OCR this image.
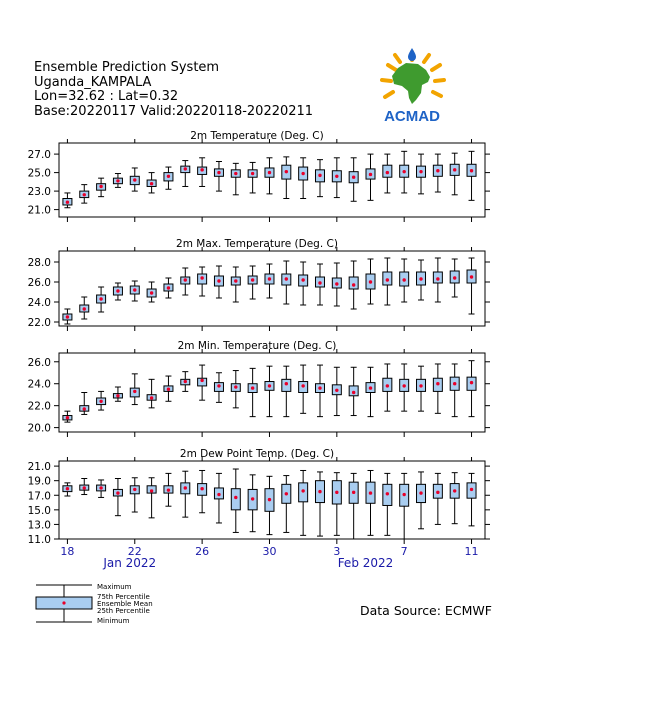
Ensemble Prediction System
Uganda_KAMPALA
Lon=32.62 : Lat=0.32
Base:20220117 Valid:20220118-20220211	ACMAD
2m Temperature (Deg. C)
27.0
25.0
23.0
21.0
2m Max. Temperature (Deg. C)
28.0
26.0
24.0
22.0
2m Min. Temperature (Deg. C)
26.0
24.0
22.0
20.0
2m Dew Point Temp. (Deg. C)
21.0
19.0
17.0
15.0
13.0
11.0
18	22	26	30	3	7	11
Jan 2022	Feb 2022
Data Source: ECMWF
Maximum
75th Percentile
Ensemble Mean
25th Percentile
Minimum
